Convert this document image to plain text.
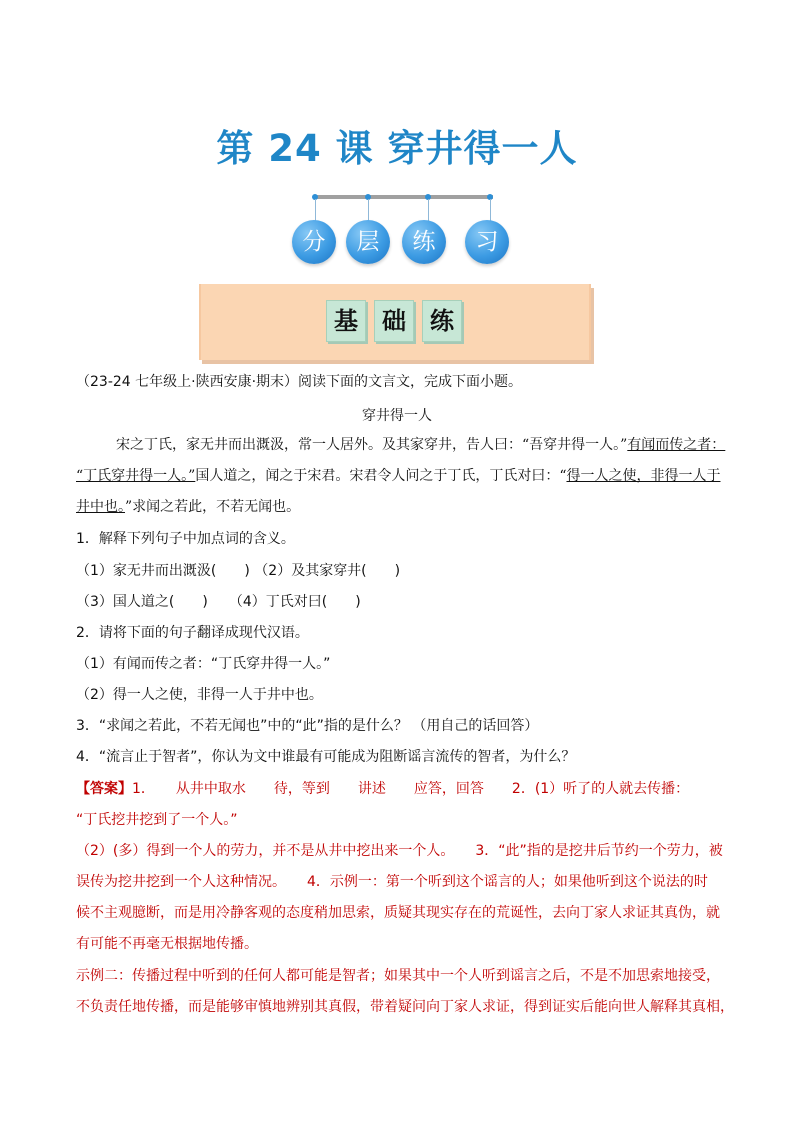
第 24 课 穿井得一人
分	层	练	习
基	础	练
（23-24 七年级上·陕西安康·期末）阅读下面的文言文，完成下面小题。
穿井得一人
宋之丁氏，家无井而出溉汲，常一人居外。及其家穿井，告人曰：“吾穿井得一人。”有闻而传之者：
“丁氏穿井得一人。”国人道之，闻之于宋君。宋君令人问之于丁氏，丁氏对曰：“得一人之使，非得一人于
井中也。”求闻之若此，不若无闻也。
1．解释下列句子中加点词的含义。
（1）家无井而出溉汲(　　) （2）及其家穿井(　　)
（3）国人道之(　　)　　（4）丁氏对曰(　　)
2．请将下面的句子翻译成现代汉语。
（1）有闻而传之者：“丁氏穿井得一人。”
（2）得一人之使，非得一人于井中也。
3．“求闻之若此，不若无闻也”中的“此”指的是什么？ （用自己的话回答）
4．“流言止于智者”，你认为文中谁最有可能成为阻断谣言流传的智者，为什么？
【答案】1．　　从井中取水　　待，等到　　讲述　　应答，回答　　2．(1）听了的人就去传播：
“丁氏挖井挖到了一个人。”
（2）(多）得到一个人的劳力，并不是从井中挖出来一个人。　　3．“此”指的是挖井后节约一个劳力，被
误传为挖井挖到一个人这种情况。　　4．示例一：第一个听到这个谣言的人；如果他听到这个说法的时
候不主观臆断，而是用冷静客观的态度稍加思索，质疑其现实存在的荒诞性，去向丁家人求证其真伪，就
有可能不再毫无根据地传播。
示例二：传播过程中听到的任何人都可能是智者；如果其中一个人听到谣言之后，不是不加思索地接受，
不负责任地传播，而是能够审慎地辨别其真假，带着疑问向丁家人求证，得到证实后能向世人解释其真相，
